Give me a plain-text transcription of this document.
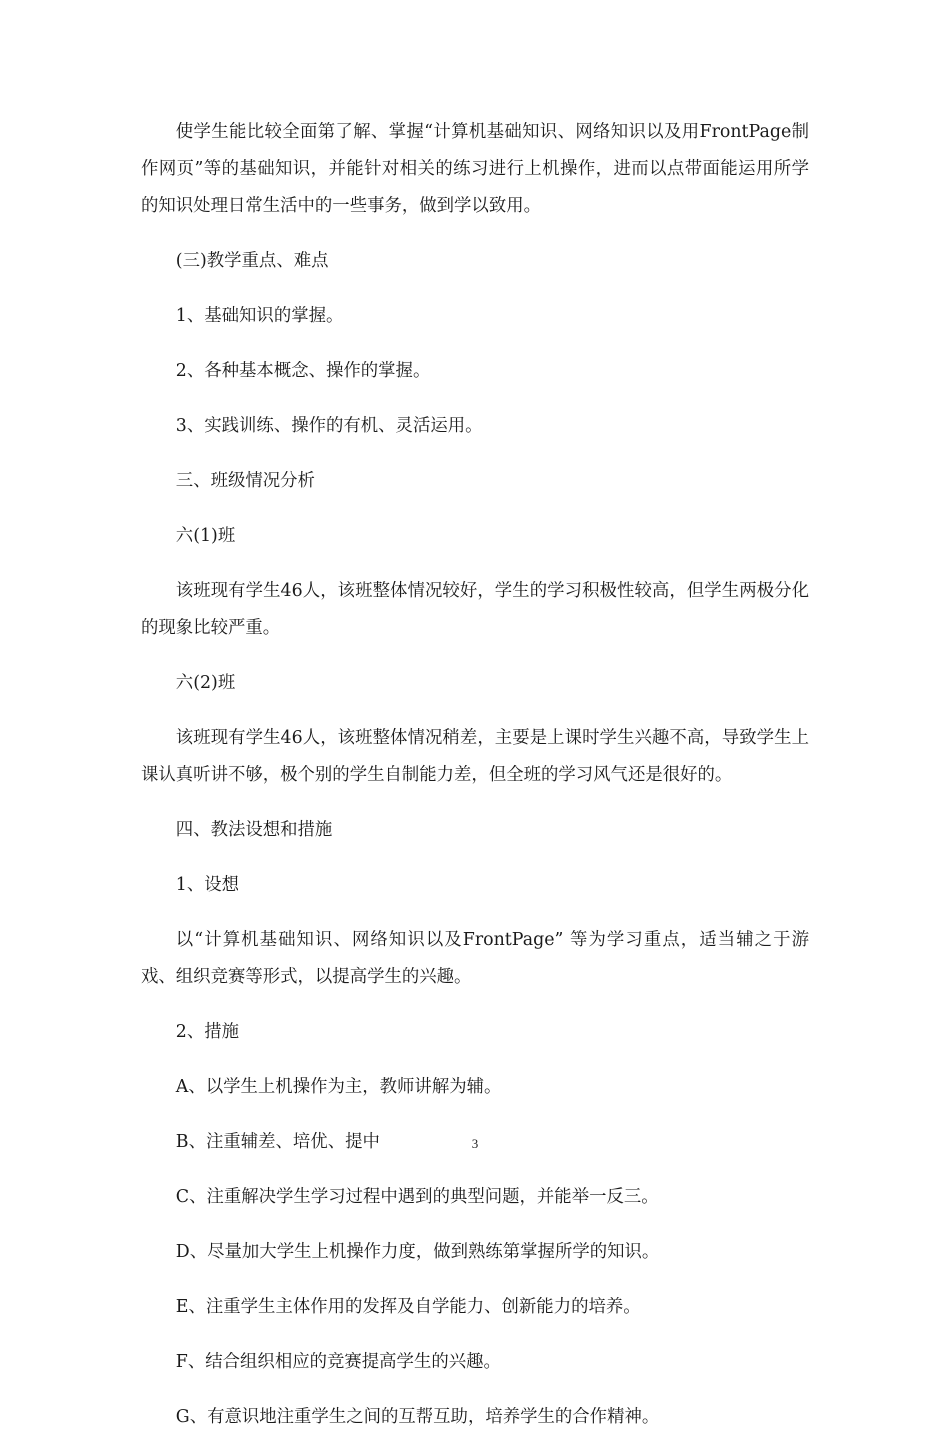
使学生能比较全面第了解、掌握“计算机基础知识、网络知识以及用FrontPage制作网页”等的基础知识，并能针对相关的练习进行上机操作，进而以点带面能运用所学的知识处理日常生活中的一些事务，做到学以致用。

(三)教学重点、难点

1、基础知识的掌握。

2、各种基本概念、操作的掌握。

3、实践训练、操作的有机、灵活运用。

三、班级情况分析

六(1)班

该班现有学生46人，该班整体情况较好，学生的学习积极性较高，但学生两极分化的现象比较严重。

六(2)班

该班现有学生46人，该班整体情况稍差，主要是上课时学生兴趣不高，导致学生上课认真听讲不够，极个别的学生自制能力差，但全班的学习风气还是很好的。

四、教法设想和措施

1、设想

以“计算机基础知识、网络知识以及FrontPage” 等为学习重点，适当辅之于游戏、组织竞赛等形式，以提高学生的兴趣。

2、措施

A、以学生上机操作为主，教师讲解为辅。

B、注重辅差、培优、提中

C、注重解决学生学习过程中遇到的典型问题，并能举一反三。

D、尽量加大学生上机操作力度，做到熟练第掌握所学的知识。

E、注重学生主体作用的发挥及自学能力、创新能力的培养。

F、结合组织相应的竞赛提高学生的兴趣。

G、有意识地注重学生之间的互帮互助，培养学生的合作精神。

3
